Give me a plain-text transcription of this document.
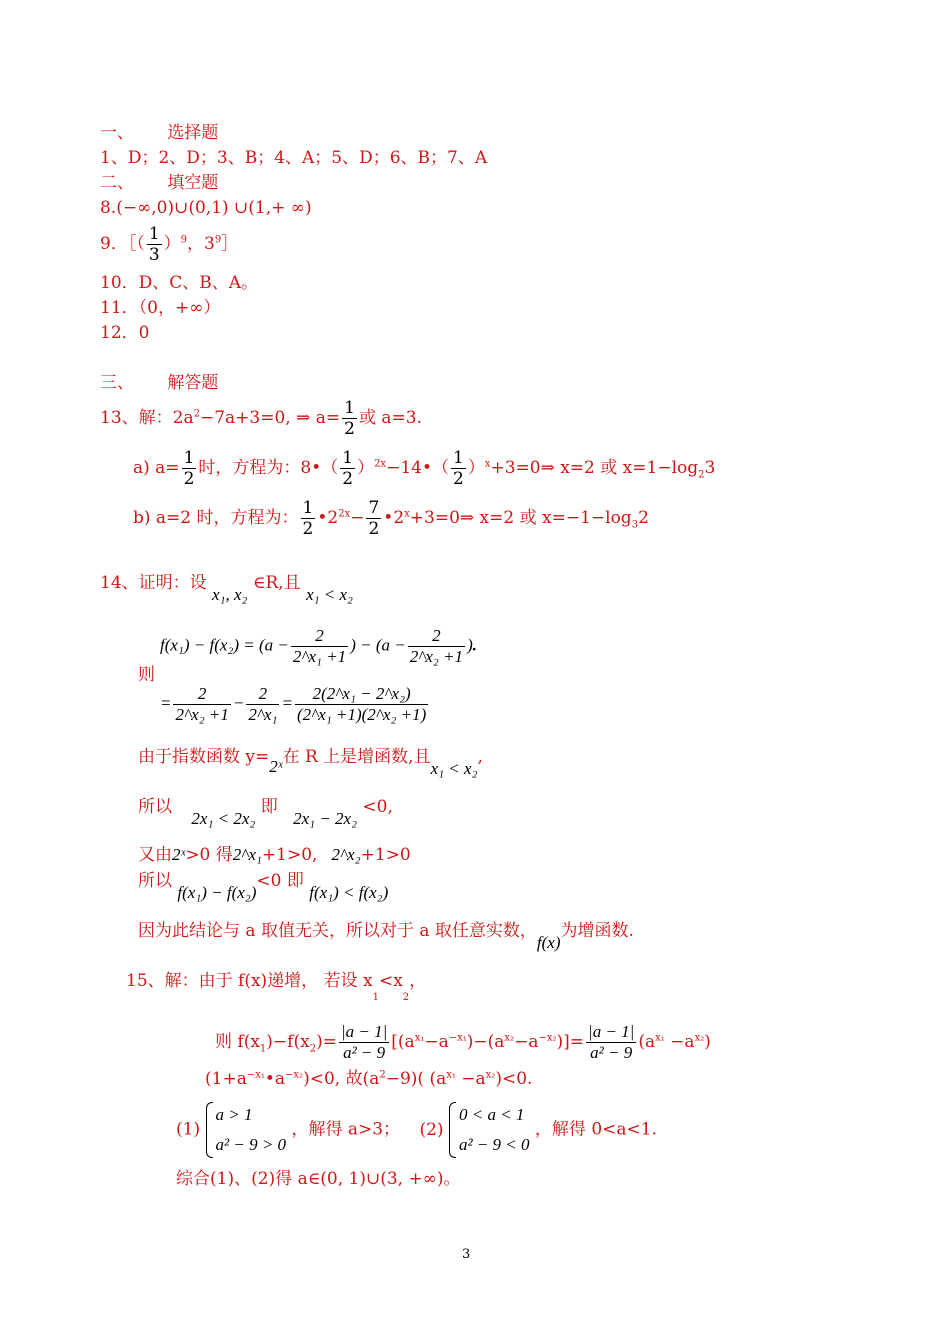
一、 选择题
1、D；2、D；3、B；4、A；5、D；6、B；7、A
二、 填空题
8.(−∞,0)∪(0,1) ∪(1,+ ∞)
9．［（ $\frac{1}{3} )^9$，$3^9]$
10．D、C、B、A。
11．（0，+∞）
12．0
三、 解答题
13、解：$2a^2-7a+3=0$, ⇒ $a= \frac{1}{2}$ 或 a=3.
a) $a= \frac{1}{2}$ 时，方程为：8•（ $\frac{1}{2}$ ）$^{2x}$−14•（ $\frac{1}{2}$ ）$^x$+3=0⇒ x=2 或 $x=1-\log_23$
b) a=2 时，方程为： $\frac{1}{2}$ $•2^{2x}- \frac{7}{2}$ $•2^x+3=0\Rightarrow$ x=2 或 $x=-1-\log_32$
14、证明：设 x₁, x₂ ∈R,且 x₁ < x₂
则
$f(x_1) - f(x_2) = (a - \frac{2}{\text{2\textasciicircum{}x₁ +1}}$ ) − ($a - \frac{2}{\text{2\textasciicircum{}x₂ +1}}$ ).
= $\frac{2}{\text{2\textasciicircum{}x₂ +1}} - \frac{2}{\text{2\textasciicircum{}x₁}} = \frac{\text{2(2\textasciicircum{}x₁ − 2\textasciicircum{}x₂)}}{\text{(2\textasciicircum{}x₁ +1)(2\textasciicircum{}x₂ +1)}}$
由于指数函数 y=2ˣ在 R 上是增函数,且x₁ < x₂,
所以 2x₁ < 2x₂ 即 2x₁ − 2x₂ <0,
又由2ˣ>0 得2^x₁+1>0, 2^x₂+1>0
所以 f(x₁) − f(x₂)<0 即 f(x₁) < f(x₂)
因为此结论与 a 取值无关，所以对于 a 取任意实数，f(x)为增函数.
15、解：由于 f(x)递增， 若设 $x_1<x_2$，
则 $f(x_1)-f(x_2)= \frac{|a - 1|}{\text{a² − 9}} [(a^{x_1}-a^{-x_1})-(a^{x_2}-a^{-x_2})]= \frac{|a - 1|}{\text{a² − 9}} (a^{x_1} -a^{x_2})$
$(1+a^{-x_1}•a^{-x_2})<0$, 故$(a^2-9)$( $(a^{x_1} -a^{x_2})<0$.
(1)
a > 1
a² − 9 > 0
，解得 a>3； (2)
0 < a < 1
a² − 9 < 0
，解得 0<a<1.
综合(1)、(2)得 a∈(0, 1)∪(3, +∞)。
3
